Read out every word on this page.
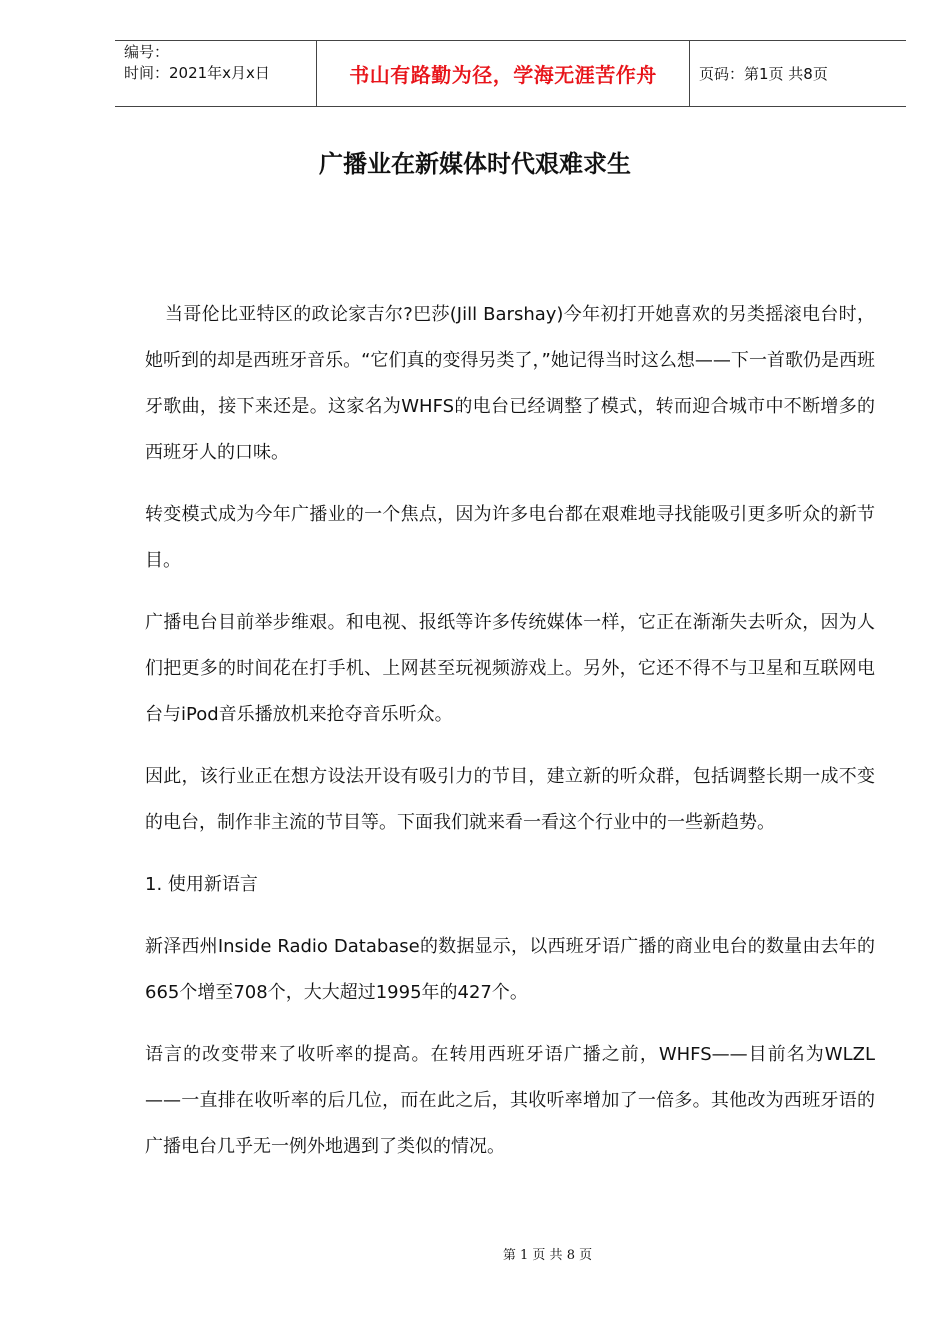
编号：
时间：2021年x月x日	书山有路勤为径，学海无涯苦作舟	页码：第1页 共8页
广播业在新媒体时代艰难求生

当哥伦比亚特区的政论家吉尔?巴莎(Jill Barshay)今年初打开她喜欢的另类摇滚电台时，她听到的却是西班牙音乐。“它们真的变得另类了，”她记得当时这么想——下一首歌仍是西班牙歌曲，接下来还是。这家名为WHFS的电台已经调整了模式，转而迎合城市中不断增多的西班牙人的口味。

转变模式成为今年广播业的一个焦点，因为许多电台都在艰难地寻找能吸引更多听众的新节目。

广播电台目前举步维艰。和电视、报纸等许多传统媒体一样，它正在渐渐失去听众，因为人们把更多的时间花在打手机、上网甚至玩视频游戏上。另外，它还不得不与卫星和互联网电台与iPod音乐播放机来抢夺音乐听众。

因此，该行业正在想方设法开设有吸引力的节目，建立新的听众群，包括调整长期一成不变的电台，制作非主流的节目等。下面我们就来看一看这个行业中的一些新趋势。

1. 使用新语言

新泽西州Inside Radio Database的数据显示，以西班牙语广播的商业电台的数量由去年的665个增至708个，大大超过1995年的427个。

语言的改变带来了收听率的提高。在转用西班牙语广播之前，WHFS——目前名为WLZL——一直排在收听率的后几位，而在此之后，其收听率增加了一倍多。其他改为西班牙语的广播电台几乎无一例外地遇到了类似的情况。

第 1 页 共 8 页
